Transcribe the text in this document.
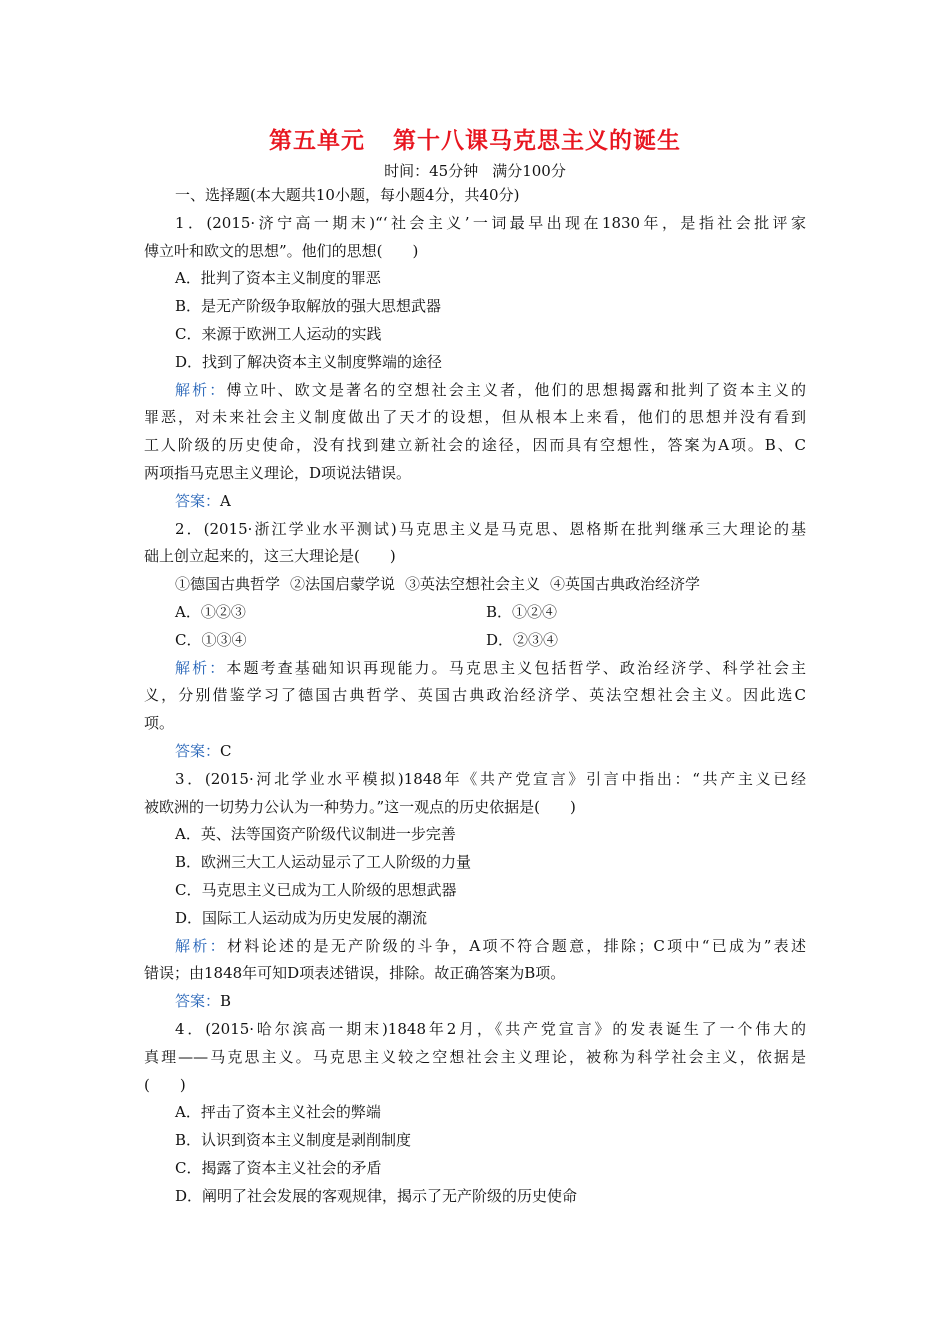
第五单元 第十八课马克思主义的诞生
时间：45分钟 满分100分
一、选择题(本大题共10小题，每小题4分，共40分)
1．(2015·济宁高一期末)“‘社会主义’一词最早出现在1830年，是指社会批评家
傅立叶和欧文的思想”。他们的思想(　　)
A．批判了资本主义制度的罪恶
B．是无产阶级争取解放的强大思想武器
C．来源于欧洲工人运动的实践
D．找到了解决资本主义制度弊端的途径
解析：傅立叶、欧文是著名的空想社会主义者，他们的思想揭露和批判了资本主义的
罪恶，对未来社会主义制度做出了天才的设想，但从根本上来看，他们的思想并没有看到
工人阶级的历史使命，没有找到建立新社会的途径，因而具有空想性，答案为A项。B、C
两项指马克思主义理论，D项说法错误。
答案：A
2．(2015·浙江学业水平测试)马克思主义是马克思、恩格斯在批判继承三大理论的基
础上创立起来的，这三大理论是(　　)
①德国古典哲学 ②法国启蒙学说 ③英法空想社会主义 ④英国古典政治经济学
A．①②③	B．①②④
C．①③④	D．②③④
解析：本题考查基础知识再现能力。马克思主义包括哲学、政治经济学、科学社会主
义，分别借鉴学习了德国古典哲学、英国古典政治经济学、英法空想社会主义。因此选C
项。
答案：C
3．(2015·河北学业水平模拟)1848年《共产党宣言》引言中指出：“共产主义已经
被欧洲的一切势力公认为一种势力。”这一观点的历史依据是(　　)
A．英、法等国资产阶级代议制进一步完善
B．欧洲三大工人运动显示了工人阶级的力量
C．马克思主义已成为工人阶级的思想武器
D．国际工人运动成为历史发展的潮流
解析：材料论述的是无产阶级的斗争，A项不符合题意，排除；C项中“已成为”表述
错误；由1848年可知D项表述错误，排除。故正确答案为B项。
答案：B
4．(2015·哈尔滨高一期末)1848年2月，《共产党宣言》的发表诞生了一个伟大的
真理——马克思主义。马克思主义较之空想社会主义理论，被称为科学社会主义，依据是
(　　)
A．抨击了资本主义社会的弊端
B．认识到资本主义制度是剥削制度
C．揭露了资本主义社会的矛盾
D．阐明了社会发展的客观规律，揭示了无产阶级的历史使命
